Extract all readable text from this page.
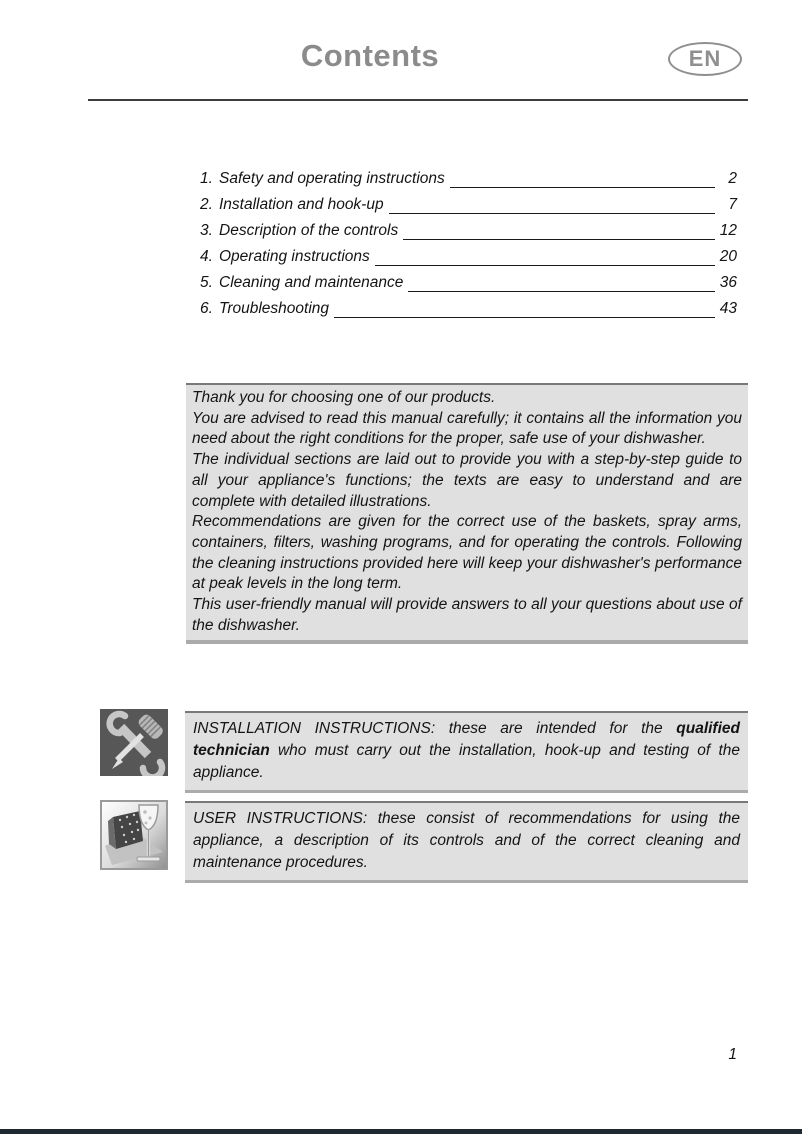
Contents	EN
1. Safety and operating instructions	2
2. Installation and hook-up	7
3. Description of the controls	12
4. Operating instructions	20
5. Cleaning and maintenance	36
6. Troubleshooting	43

Thank you for choosing one of our products.

You are advised to read this manual carefully; it contains all the information you need about the right conditions for the proper, safe use of your dishwasher.

The individual sections are laid out to provide you with a step-by-step guide to all your appliance's functions; the texts are easy to understand and are complete with detailed illustrations.

Recommendations are given for the correct use of the baskets, spray arms, containers, filters, washing programs, and for operating the controls. Following the cleaning instructions provided here will keep your dishwasher's performance at peak levels in the long term.

This user-friendly manual will provide answers to all your questions about use of the dishwasher.

INSTALLATION INSTRUCTIONS: these are intended for the qualified technician who must carry out the installation, hook-up and testing of the appliance.

USER INSTRUCTIONS: these consist of recommendations for using the appliance, a description of its controls and of the correct cleaning and maintenance procedures.

1
